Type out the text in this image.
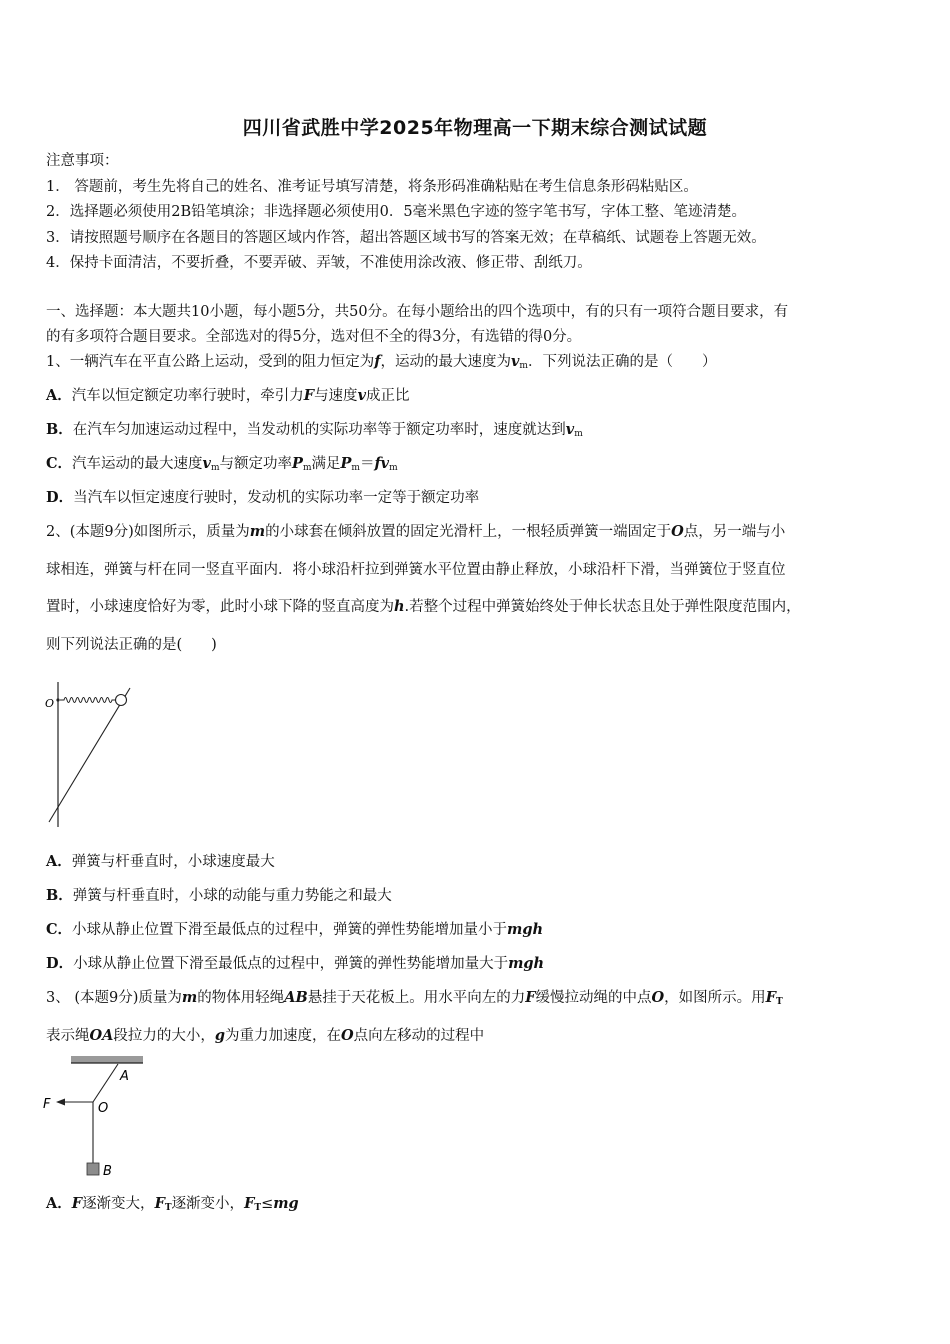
四川省武胜中学2025年物理高一下期末综合测试试题
注意事项：
1． 答题前，考生先将自己的姓名、准考证号填写清楚，将条形码准确粘贴在考生信息条形码粘贴区。
2．选择题必须使用2B铅笔填涂；非选择题必须使用0．5毫米黑色字迹的签字笔书写，字体工整、笔迹清楚。
3．请按照题号顺序在各题目的答题区域内作答，超出答题区域书写的答案无效；在草稿纸、试题卷上答题无效。
4．保持卡面清洁，不要折叠，不要弄破、弄皱，不准使用涂改液、修正带、刮纸刀。
一、选择题：本大题共10小题，每小题5分，共50分。在每小题给出的四个选项中，有的只有一项符合题目要求，有
的有多项符合题目要求。全部选对的得5分，选对但不全的得3分，有选错的得0分。
1、一辆汽车在平直公路上运动，受到的阻力恒定为f，运动的最大速度为$v_m$．下列说法正确的是（　　）
A．汽车以恒定额定功率行驶时，牵引力F与速度v成正比
B．在汽车匀加速运动过程中，当发动机的实际功率等于额定功率时，速度就达到$v_m$
C．汽车运动的最大速度$v_m$与额定功率$P_m$满足$P_m=fv_m$
D．当汽车以恒定速度行驶时，发动机的实际功率一定等于额定功率
2、(本题9分)如图所示，质量为m的小球套在倾斜放置的固定光滑杆上，一根轻质弹簧一端固定于O点，另一端与小
球相连，弹簧与杆在同一竖直平面内．将小球沿杆拉到弹簧水平位置由静止释放，小球沿杆下滑，当弹簧位于竖直位
置时，小球速度恰好为零，此时小球下降的竖直高度为h.若整个过程中弹簧始终处于伸长状态且处于弹性限度范围内，
则下列说法正确的是(　　)
O
A．弹簧与杆垂直时，小球速度最大
B．弹簧与杆垂直时，小球的动能与重力势能之和最大
C．小球从静止位置下滑至最低点的过程中，弹簧的弹性势能增加量小于mgh
D．小球从静止位置下滑至最低点的过程中，弹簧的弹性势能增加量大于mgh
3、 (本题9分)质量为m的物体用轻绳AB悬挂于天花板上。用水平向左的力F缓慢拉动绳的中点O，如图所示。用$F_T$
表示绳OA段拉力的大小，g为重力加速度，在O点向左移动的过程中
A
F	O
B
A．F逐渐变大，$F_T$逐渐变小，$F_T\le mg$
